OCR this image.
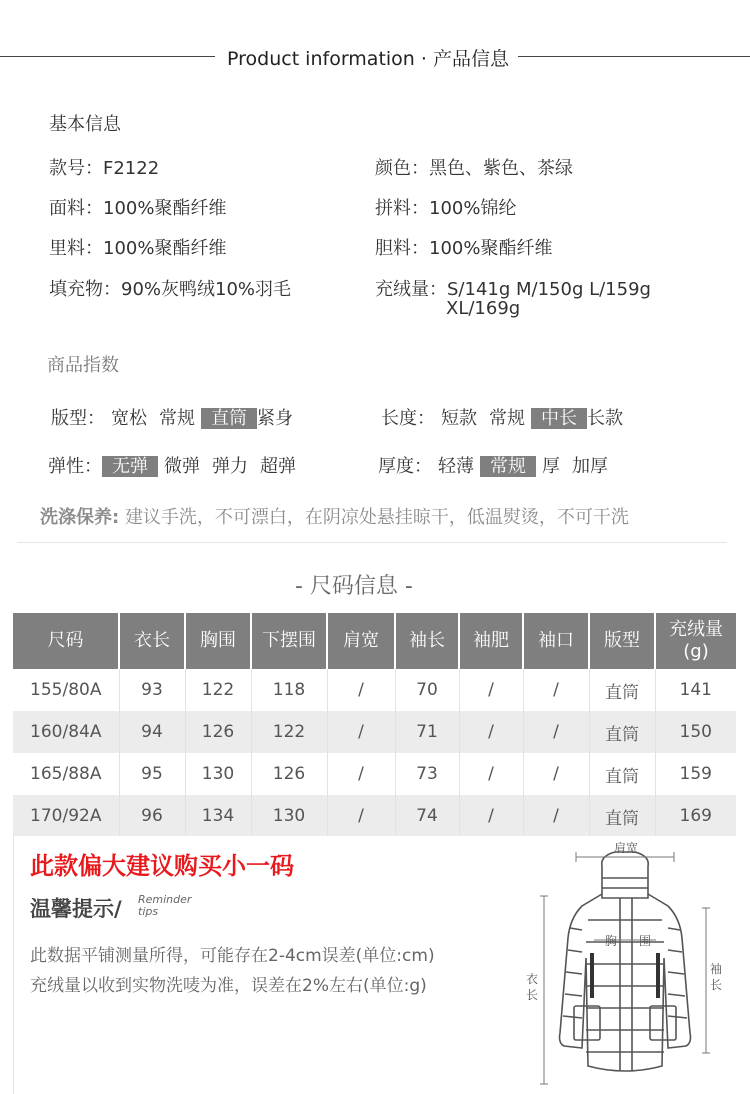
Product information · 产品信息
基本信息
款号：F2122	颜色：黑色、紫色、茶绿
面料：100%聚酯纤维	拼料：100%锦纶
里料：100%聚酯纤维	胆料：100%聚酯纤维
填充物：90%灰鸭绒10%羽毛	充绒量：S/141g M/150g L/159g
XL/169g
商品指数
版型： 宽松 常规 直筒 紧身	长度： 短款 常规 中长 长款
弹性： 无弹 微弹 弹力 超弹	厚度： 轻薄 常规 厚 加厚
洗涤保养: 建议手洗，不可漂白，在阴凉处悬挂晾干，低温熨烫，不可干洗
- 尺码信息 -
尺码	衣长	胸围	下摆围	肩宽	袖长	袖肥	袖口	版型	充绒量
(g)
155/80A	93	122	118	/	70	/	/	直筒	141
160/84A	94	126	122	/	71	/	/	直筒	150
165/88A	95	130	126	/	73	/	/	直筒	159
170/92A	96	134	130	/	74	/	/	直筒	169
此款偏大建议购买小一码
温馨提示/ Reminder
tips
此数据平铺测量所得，可能存在2-4cm误差(单位:cm)
充绒量以收到实物洗唛为准，误差在2%左右(单位:g)
肩宽
胸 围
衣
长
袖
长
